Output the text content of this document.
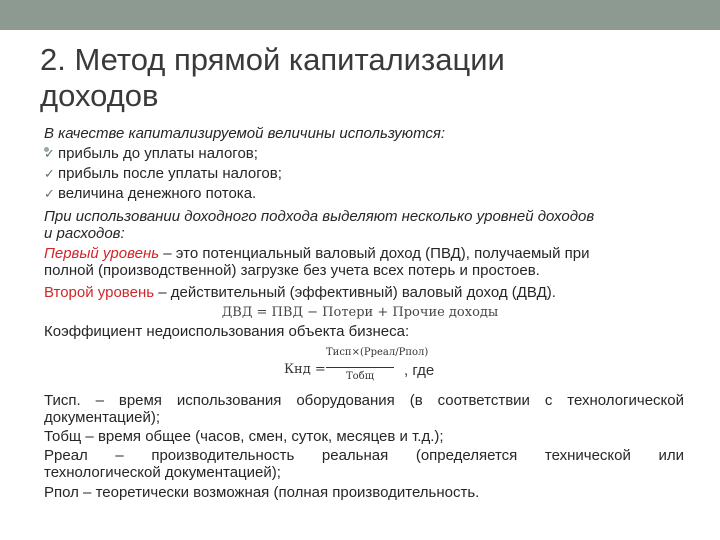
2. Метод прямой капитализации
доходов
В качестве капитализируемой величины используются:
✓ прибыль до уплаты налогов;
✓ прибыль после уплаты налогов;
✓ величина денежного потока.
При использовании доходного подхода выделяют несколько уровней доходов
и расходов:
Первый уровень – это потенциальный валовый доход (ПВД), получаемый при
полной (производственной) загрузке без учета всех потерь и простоев.
Второй уровень – действительный (эффективный) валовый доход (ДВД).
ДВД = ПВД − Потери + Прочие доходы
Коэффициент недоиспользования объекта бизнеса:
Кнд =
Тисп×(Рреал/Рпол)
Тобщ	, где
Тисп. – время использования оборудования (в соответствии с технологической
документацией);
Тобщ – время общее (часов, смен, суток, месяцев и т.д.);
Рреал – производительность реальная (определяется технической или
технологической документацией);
Рпол – теоретически возможная (полная производительность.
